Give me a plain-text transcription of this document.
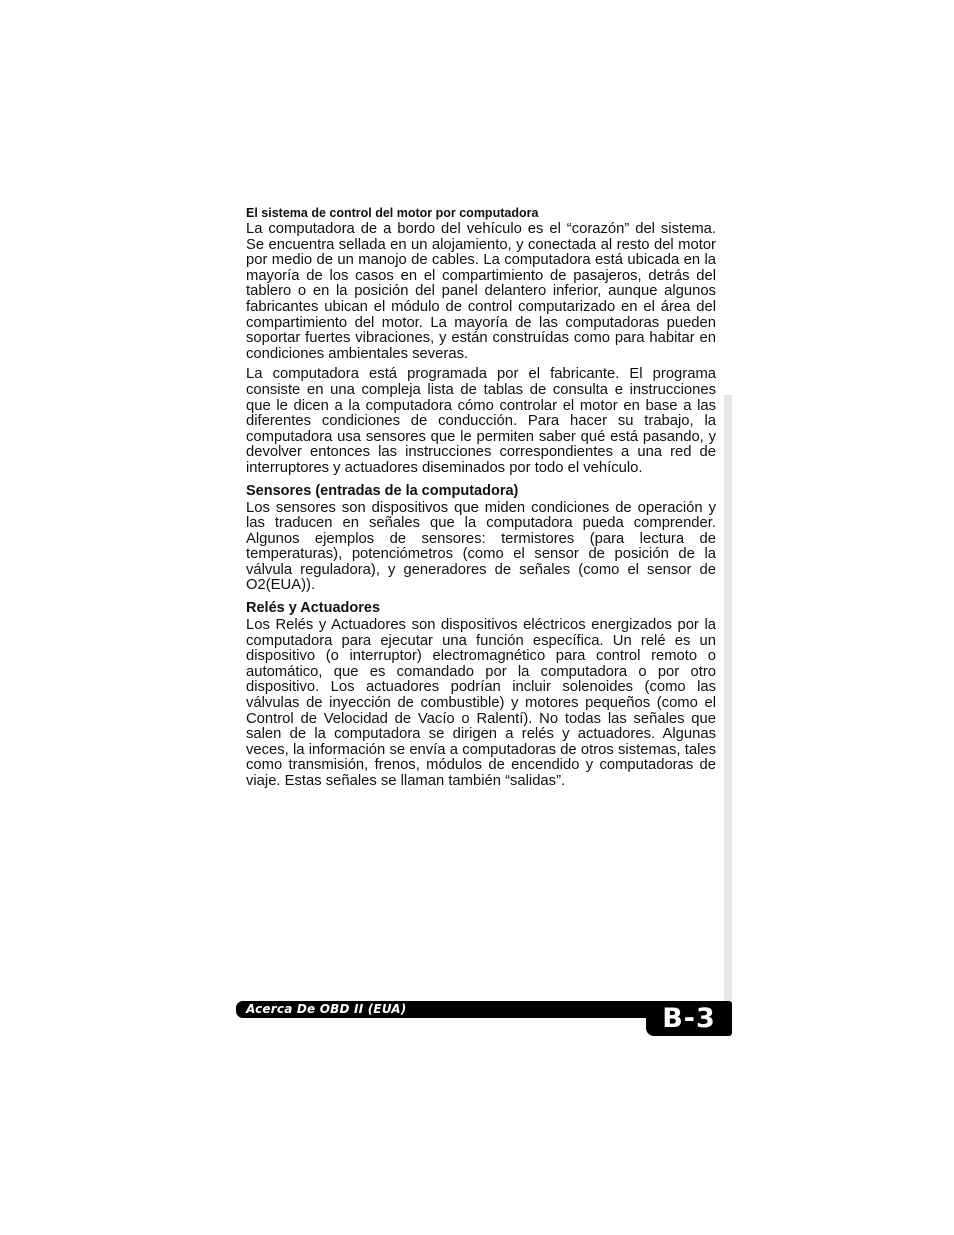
El sistema de control del motor por computadora

La computadora de a bordo del vehículo es el “corazón” del sistema. Se encuentra sellada en un alojamiento, y conectada al resto del motor por medio de un manojo de cables. La computadora está ubicada en la mayoría de los casos en el compartimiento de pasajeros, detrás del tablero o en la posición del panel delantero inferior, aunque algunos fabricantes ubican el módulo de control computarizado en el área del compartimiento del motor. La mayoría de las computadoras pueden soportar fuertes vibraciones, y están construídas como para habitar en condiciones ambientales severas.

La computadora está programada por el fabricante. El programa consiste en una compleja lista de tablas de consulta e instrucciones que le dicen a la computadora cómo controlar el motor en base a las diferentes condiciones de conducción. Para hacer su trabajo, la computadora usa sensores que le permiten saber qué está pasando, y devolver entonces las instrucciones correspondientes a una red de interruptores y actuadores diseminados por todo el vehículo.

Sensores (entradas de la computadora)

Los sensores son dispositivos que miden condiciones de operación y las traducen en señales que la computadora pueda comprender. Algunos ejemplos de sensores: termistores (para lectura de temperaturas), potenciómetros (como el sensor de posición de la válvula reguladora), y generadores de señales (como el sensor de O2(EUA)).

Relés y Actuadores

Los Relés y Actuadores son dispositivos eléctricos energizados por la computadora para ejecutar una función específica. Un relé es un dispositivo (o interruptor) electromagnético para control remoto o automático, que es comandado por la computadora o por otro dispositivo. Los actuadores podrían incluir solenoides (como las válvulas de inyección de combustible) y motores pequeños (como el Control de Velocidad de Vacío o Ralentí). No todas las señales que salen de la computadora se dirigen a relés y actuadores. Algunas veces, la información se envía a computadoras de otros sistemas, tales como transmisión, frenos, módulos de encendido y computadoras de viaje. Estas señales se llaman también “salidas”.

Acerca De OBD II (EUA)	B-3
